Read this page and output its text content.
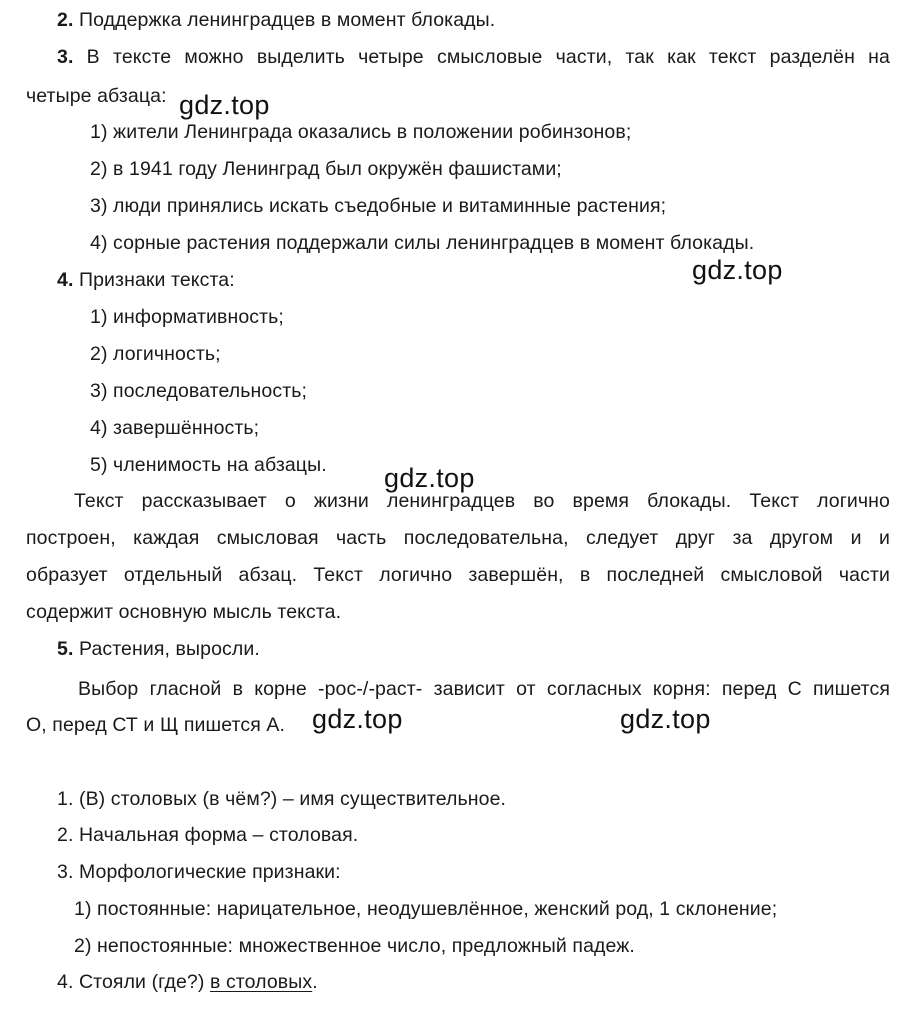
2. Поддержка ленинградцев в момент блокады.
3. В тексте можно выделить четыре смысловые части, так как текст разделён на
четыре абзаца:
1) жители Ленинграда оказались в положении робинзонов;
2) в 1941 году Ленинград был окружён фашистами;
3) люди принялись искать съедобные и витаминные растения;
4) сорные растения поддержали силы ленинградцев в момент блокады.
4. Признаки текста:
1) информативность;
2) логичность;
3) последовательность;
4) завершённость;
5) членимость на абзацы.
Текст рассказывает о жизни ленинградцев во время блокады. Текст логично
построен, каждая смысловая часть последовательна, следует друг за другом и и
образует отдельный абзац. Текст логично завершён, в последней смысловой части
содержит основную мысль текста.
5. Растения, выросли.
Выбор гласной в корне -рос-/-раст- зависит от согласных корня: перед С пишется
О, перед СТ и Щ пишется А.
1. (В) столовых (в чём?) – имя существительное.
2. Начальная форма – столовая.
3. Морфологические признаки:
1) постоянные: нарицательное, неодушевлённое, женский род, 1 склонение;
2) непостоянные: множественное число, предложный падеж.
4. Стояли (где?) в столовых.
gdz.top
gdz.top
gdz.top
gdz.top	gdz.top
